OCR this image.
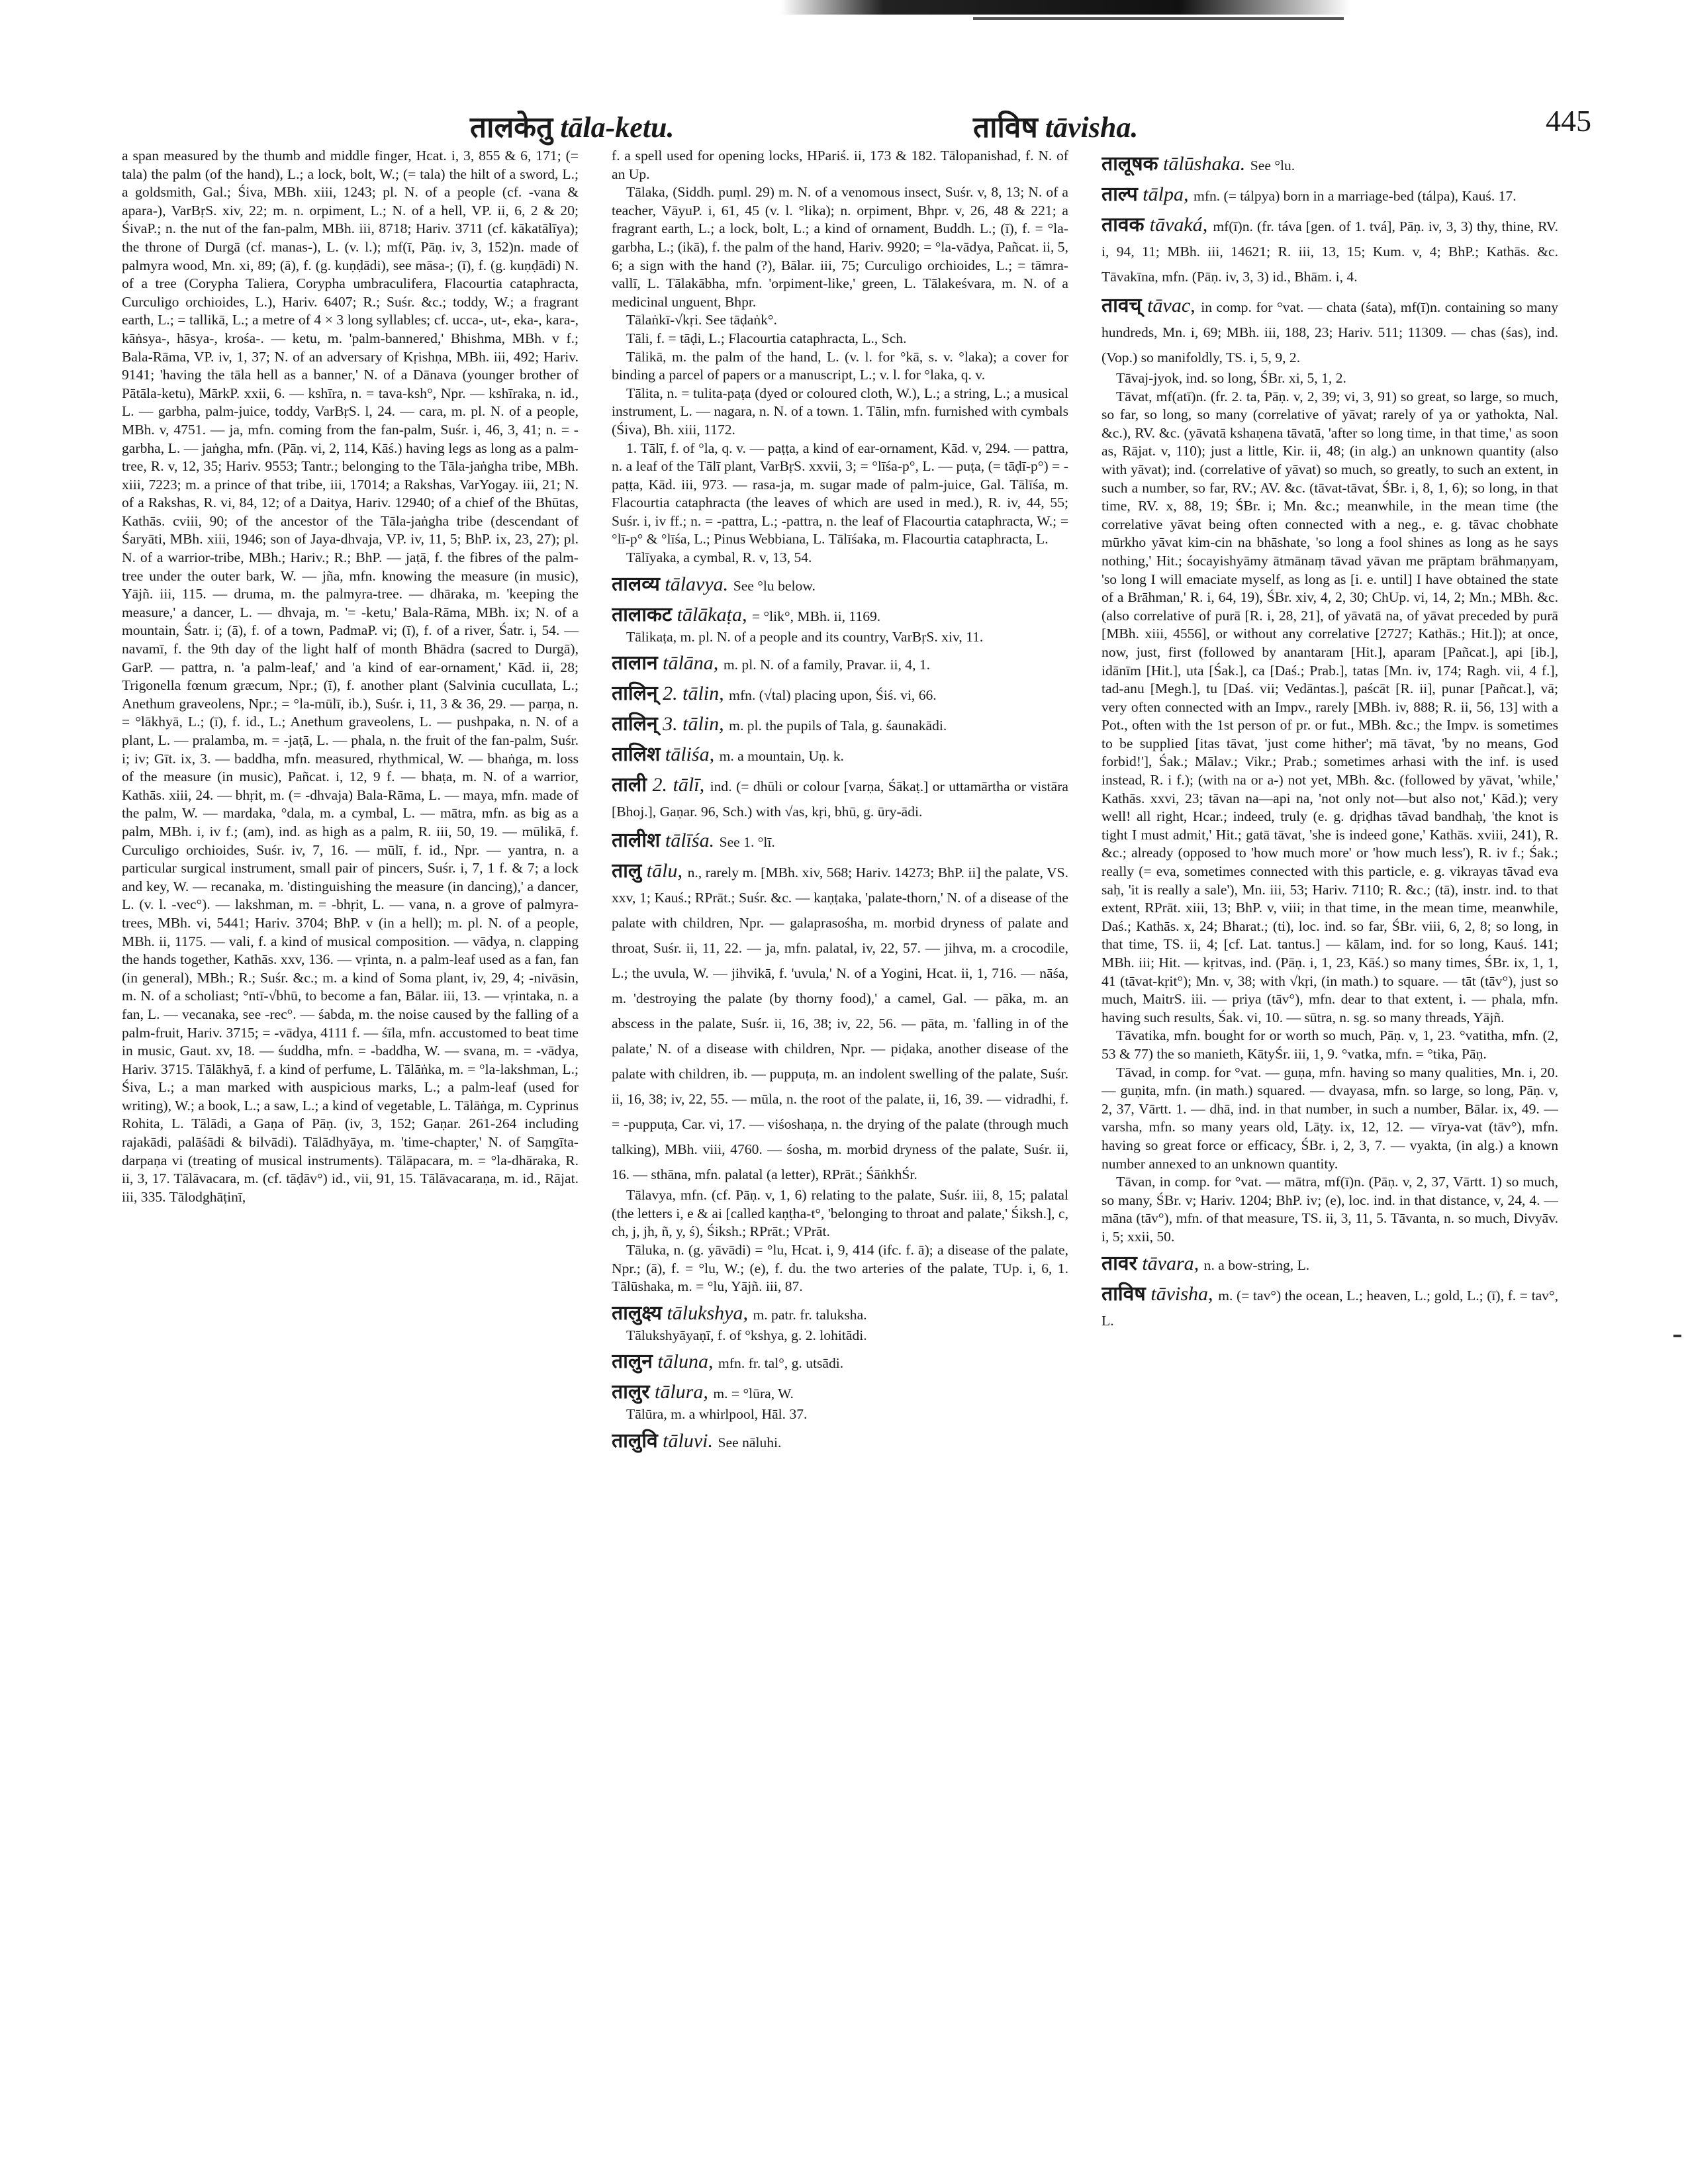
तालकेतु tāla-ketu.	ताविष tāvisha.	445

a span measured by the thumb and middle finger, Hcat. i, 3, 855 & 6, 171; (= tala) the palm (of the hand), L.; a lock, bolt, W.; (= tala) the hilt of a sword, L.; a goldsmith, Gal.; Śiva, MBh. xiii, 1243; pl. N. of a people (cf. -vana & apara-), VarBṛS. xiv, 22; m. n. orpiment, L.; N. of a hell, VP. ii, 6, 2 & 20; ŚivaP.; n. the nut of the fan-palm, MBh. iii, 8718; Hariv. 3711 (cf. kākatālīya); the throne of Durgā (cf. manas-), L. (v. l.); mf(ī, Pāṇ. iv, 3, 152)n. made of palmyra wood, Mn. xi, 89; (ā), f. (g. kuṇḍādi), see māsa-; (ī), f. (g. kuṇḍādi) N. of a tree (Corypha Taliera, Corypha umbraculifera, Flacourtia cataphracta, Curculigo orchioides, L.), Hariv. 6407; R.; Suśr. &c.; toddy, W.; a fragrant earth, L.; = tallikā, L.; a metre of 4 × 3 long syllables; cf. ucca-, ut-, eka-, kara-, kāṅsya-, hāsya-, krośa-. — ketu, m. 'palm-bannered,' Bhishma, MBh. v f.; Bala-Rāma, VP. iv, 1, 37; N. of an adversary of Kṛishṇa, MBh. iii, 492; Hariv. 9141; 'having the tāla hell as a banner,' N. of a Dānava (younger brother of Pātāla-ketu), MārkP. xxii, 6. — kshīra, n. = tava-ksh°, Npr. — kshīraka, n. id., L. — garbha, palm-juice, toddy, VarBṛS. l, 24. — cara, m. pl. N. of a people, MBh. v, 4751. — ja, mfn. coming from the fan-palm, Suśr. i, 46, 3, 41; n. = -garbha, L. — jaṅgha, mfn. (Pāṇ. vi, 2, 114, Kāś.) having legs as long as a palm-tree, R. v, 12, 35; Hariv. 9553; Tantr.; belonging to the Tāla-jaṅgha tribe, MBh. xiii, 7223; m. a prince of that tribe, iii, 17014; a Rakshas, VarYogay. iii, 21; N. of a Rakshas, R. vi, 84, 12; of a Daitya, Hariv. 12940; of a chief of the Bhūtas, Kathās. cviii, 90; of the ancestor of the Tāla-jaṅgha tribe (descendant of Śaryāti, MBh. xiii, 1946; son of Jaya-dhvaja, VP. iv, 11, 5; BhP. ix, 23, 27); pl. N. of a warrior-tribe, MBh.; Hariv.; R.; BhP. — jaṭā, f. the fibres of the palm-tree under the outer bark, W. — jña, mfn. knowing the measure (in music), Yājñ. iii, 115. — druma, m. the palmyra-tree. — dhāraka, m. 'keeping the measure,' a dancer, L. — dhvaja, m. '= -ketu,' Bala-Rāma, MBh. ix; N. of a mountain, Śatr. i; (ā), f. of a town, PadmaP. vi; (ī), f. of a river, Śatr. i, 54. — navamī, f. the 9th day of the light half of month Bhādra (sacred to Durgā), GarP. — pattra, n. 'a palm-leaf,' and 'a kind of ear-ornament,' Kād. ii, 28; Trigonella fœnum græcum, Npr.; (ī), f. another plant (Salvinia cucullata, L.; Anethum graveolens, Npr.; = °la-mūlī, ib.), Suśr. i, 11, 3 & 36, 29. — parṇa, n. = °lākhyā, L.; (ī), f. id., L.; Anethum graveolens, L. — pushpaka, n. N. of a plant, L. — pralamba, m. = -jaṭā, L. — phala, n. the fruit of the fan-palm, Suśr. i; iv; Gīt. ix, 3. — baddha, mfn. measured, rhythmical, W. — bhaṅga, m. loss of the measure (in music), Pañcat. i, 12, 9 f. — bhaṭa, m. N. of a warrior, Kathās. xiii, 24. — bhṛit, m. (= -dhvaja) Bala-Rāma, L. — maya, mfn. made of the palm, W. — mardaka, °dala, m. a cymbal, L. — mātra, mfn. as big as a palm, MBh. i, iv f.; (am), ind. as high as a palm, R. iii, 50, 19. — mūlikā, f. Curculigo orchioides, Suśr. iv, 7, 16. — mūlī, f. id., Npr. — yantra, n. a particular surgical instrument, small pair of pincers, Suśr. i, 7, 1 f. & 7; a lock and key, W. — recanaka, m. 'distinguishing the measure (in dancing),' a dancer, L. (v. l. -vec°). — lakshman, m. = -bhṛit, L. — vana, n. a grove of palmyra-trees, MBh. vi, 5441; Hariv. 3704; BhP. v (in a hell); m. pl. N. of a people, MBh. ii, 1175. — vali, f. a kind of musical composition. — vādya, n. clapping the hands together, Kathās. xxv, 136. — vṛinta, n. a palm-leaf used as a fan, fan (in general), MBh.; R.; Suśr. &c.; m. a kind of Soma plant, iv, 29, 4; -nivāsin, m. N. of a scholiast; °ntī-√bhū, to become a fan, Bālar. iii, 13. — vṛintaka, n. a fan, L. — vecanaka, see -rec°. — śabda, m. the noise caused by the falling of a palm-fruit, Hariv. 3715; = -vādya, 4111 f. — śīla, mfn. accustomed to beat time in music, Gaut. xv, 18. — śuddha, mfn. = -baddha, W. — svana, m. = -vādya, Hariv. 3715. Tālākhyā, f. a kind of perfume, L. Tālāṅka, m. = °la-lakshman, L.; Śiva, L.; a man marked with auspicious marks, L.; a palm-leaf (used for writing), W.; a book, L.; a saw, L.; a kind of vegetable, L. Tālāṅga, m. Cyprinus Rohita, L. Tālādi, a Gaṇa of Pāṇ. (iv, 3, 152; Gaṇar. 261-264 including rajakādi, palāśādi & bilvādi). Tālādhyāya, m. 'time-chapter,' N. of Saṃgīta-darpaṇa vi (treating of musical instruments). Tālāpacara, m. = °la-dhāraka, R. ii, 3, 17. Tālāvacara, m. (cf. tāḍāv°) id., vii, 91, 15. Tālāvacaraṇa, m. id., Rājat. iii, 335. Tālodghāṭinī,

f. a spell used for opening locks, HPariś. ii, 173 & 182. Tālopanishad, f. N. of an Up.

Tālaka, (Siddh. puṃl. 29) m. N. of a venomous insect, Suśr. v, 8, 13; N. of a teacher, VāyuP. i, 61, 45 (v. l. °lika); n. orpiment, Bhpr. v, 26, 48 & 221; a fragrant earth, L.; a lock, bolt, L.; a kind of ornament, Buddh. L.; (ī), f. = °la-garbha, L.; (ikā), f. the palm of the hand, Hariv. 9920; = °la-vādya, Pañcat. ii, 5, 6; a sign with the hand (?), Bālar. iii, 75; Curculigo orchioides, L.; = tāmra-vallī, L. Tālakābha, mfn. 'orpiment-like,' green, L. Tālakeśvara, m. N. of a medicinal unguent, Bhpr.

Tālaṅkī-√kṛi. See tāḍaṅk°.

Tāli, f. = tāḍi, L.; Flacourtia cataphracta, L., Sch.

Tālikā, m. the palm of the hand, L. (v. l. for °kā, s. v. °laka); a cover for binding a parcel of papers or a manuscript, L.; v. l. for °laka, q. v.

Tālita, n. = tulita-paṭa (dyed or coloured cloth, W.), L.; a string, L.; a musical instrument, L. — nagara, n. N. of a town. 1. Tālin, mfn. furnished with cymbals (Śiva), Bh. xiii, 1172.

1. Tālī, f. of °la, q. v. — paṭṭa, a kind of ear-ornament, Kād. v, 294. — pattra, n. a leaf of the Tālī plant, VarBṛS. xxvii, 3; = °līśa-p°, L. — puṭa, (= tāḍī-p°) = -paṭṭa, Kād. iii, 973. — rasa-ja, m. sugar made of palm-juice, Gal. Tālīśa, m. Flacourtia cataphracta (the leaves of which are used in med.), R. iv, 44, 55; Suśr. i, iv ff.; n. = -pattra, L.; -pattra, n. the leaf of Flacourtia cataphracta, W.; = °lī-p° & °līśa, L.; Pinus Webbiana, L. Tālīśaka, m. Flacourtia cataphracta, L.

Tālīyaka, a cymbal, R. v, 13, 54.

तालव्य tālavya. See °lu below.

तालाकट tālākaṭa, = °lik°, MBh. ii, 1169.

Tālikaṭa, m. pl. N. of a people and its country, VarBṛS. xiv, 11.

तालान tālāna, m. pl. N. of a family, Pravar. ii, 4, 1.

तालिन् 2. tālin, mfn. (√tal) placing upon, Śiś. vi, 66.

तालिन् 3. tālin, m. pl. the pupils of Tala, g. śaunakādi.

तालिश tāliśa, m. a mountain, Uṇ. k.

ताली 2. tālī, ind. (= dhūli or colour [varṇa, Śākaṭ.] or uttamārtha or vistāra [Bhoj.], Gaṇar. 96, Sch.) with √as, kṛi, bhū, g. ūry-ādi.

तालीश tālīśa. See 1. °lī.

तालु tālu, n., rarely m. [MBh. xiv, 568; Hariv. 14273; BhP. ii] the palate, VS. xxv, 1; Kauś.; RPrāt.; Suśr. &c. — kaṇṭaka, 'palate-thorn,' N. of a disease of the palate with children, Npr. — galaprasośha, m. morbid dryness of palate and throat, Suśr. ii, 11, 22. — ja, mfn. palatal, iv, 22, 57. — jihva, m. a crocodile, L.; the uvula, W. — jihvikā, f. 'uvula,' N. of a Yogini, Hcat. ii, 1, 716. — nāśa, m. 'destroying the palate (by thorny food),' a camel, Gal. — pāka, m. an abscess in the palate, Suśr. ii, 16, 38; iv, 22, 56. — pāta, m. 'falling in of the palate,' N. of a disease with children, Npr. — piḍaka, another disease of the palate with children, ib. — puppuṭa, m. an indolent swelling of the palate, Suśr. ii, 16, 38; iv, 22, 55. — mūla, n. the root of the palate, ii, 16, 39. — vidradhi, f. = -puppuṭa, Car. vi, 17. — viśoshaṇa, n. the drying of the palate (through much talking), MBh. viii, 4760. — śosha, m. morbid dryness of the palate, Suśr. ii, 16. — sthāna, mfn. palatal (a letter), RPrāt.; ŚāṅkhŚr.

Tālavya, mfn. (cf. Pāṇ. v, 1, 6) relating to the palate, Suśr. iii, 8, 15; palatal (the letters i, e & ai [called kaṇṭha-t°, 'belonging to throat and palate,' Śiksh.], c, ch, j, jh, ñ, y, ś), Śiksh.; RPrāt.; VPrāt.

Tāluka, n. (g. yāvādi) = °lu, Hcat. i, 9, 414 (ifc. f. ā); a disease of the palate, Npr.; (ā), f. = °lu, W.; (e), f. du. the two arteries of the palate, TUp. i, 6, 1. Tālūshaka, m. = °lu, Yājñ. iii, 87.

तालुक्ष्य tālukshya, m. patr. fr. taluksha.

Tālukshyāyaṇī, f. of °kshya, g. 2. lohitādi.

तालुन tāluna, mfn. fr. tal°, g. utsādi.

तालुर tālura, m. = °lūra, W.

Tālūra, m. a whirlpool, Hāl. 37.

तालुवि tāluvi. See nāluhi.

तालूषक tālūshaka. See °lu.

ताल्प tālpa, mfn. (= tálpya) born in a marriage-bed (tálpa), Kauś. 17.

तावक tāvaká, mf(ī)n. (fr. táva [gen. of 1. tvá], Pāṇ. iv, 3, 3) thy, thine, RV. i, 94, 11; MBh. iii, 14621; R. iii, 13, 15; Kum. v, 4; BhP.; Kathās. &c. Tāvakīna, mfn. (Pāṇ. iv, 3, 3) id., Bhām. i, 4.

तावच् tāvac, in comp. for °vat. — chata (śata), mf(ī)n. containing so many hundreds, Mn. i, 69; MBh. iii, 188, 23; Hariv. 511; 11309. — chas (śas), ind. (Vop.) so manifoldly, TS. i, 5, 9, 2.

Tāvaj-jyok, ind. so long, ŚBr. xi, 5, 1, 2.

Tāvat, mf(atī)n. (fr. 2. ta, Pāṇ. v, 2, 39; vi, 3, 91) so great, so large, so much, so far, so long, so many (correlative of yāvat; rarely of ya or yathokta, Nal. &c.), RV. &c. (yāvatā kshaṇena tāvatā, 'after so long time, in that time,' as soon as, Rājat. v, 110); just a little, Kir. ii, 48; (in alg.) an unknown quantity (also with yāvat); ind. (correlative of yāvat) so much, so greatly, to such an extent, in such a number, so far, RV.; AV. &c. (tāvat-tāvat, ŚBr. i, 8, 1, 6); so long, in that time, RV. x, 88, 19; ŚBr. i; Mn. &c.; meanwhile, in the mean time (the correlative yāvat being often connected with a neg., e. g. tāvac chobhate mūrkho yāvat kim-cin na bhāshate, 'so long a fool shines as long as he says nothing,' Hit.; śocayishyāmy ātmānaṃ tāvad yāvan me prāptam brāhmaṇyam, 'so long I will emaciate myself, as long as [i. e. until] I have obtained the state of a Brāhman,' R. i, 64, 19), ŚBr. xiv, 4, 2, 30; ChUp. vi, 14, 2; Mn.; MBh. &c. (also correlative of purā [R. i, 28, 21], of yāvatā na, of yāvat preceded by purā [MBh. xiii, 4556], or without any correlative [2727; Kathās.; Hit.]); at once, now, just, first (followed by anantaram [Hit.], aparam [Pañcat.], api [ib.], idānīm [Hit.], uta [Śak.], ca [Daś.; Prab.], tatas [Mn. iv, 174; Ragh. vii, 4 f.], tad-anu [Megh.], tu [Daś. vii; Vedāntas.], paścāt [R. ii], punar [Pañcat.], vā; very often connected with an Impv., rarely [MBh. iv, 888; R. ii, 56, 13] with a Pot., often with the 1st person of pr. or fut., MBh. &c.; the Impv. is sometimes to be supplied [itas tāvat, 'just come hither'; mā tāvat, 'by no means, God forbid!'], Śak.; Mālav.; Vikr.; Prab.; sometimes arhasi with the inf. is used instead, R. i f.); (with na or a-) not yet, MBh. &c. (followed by yāvat, 'while,' Kathās. xxvi, 23; tāvan na—api na, 'not only not—but also not,' Kād.); very well! all right, Hcar.; indeed, truly (e. g. dṛiḍhas tāvad bandhaḥ, 'the knot is tight I must admit,' Hit.; gatā tāvat, 'she is indeed gone,' Kathās. xviii, 241), R. &c.; already (opposed to 'how much more' or 'how much less'), R. iv f.; Śak.; really (= eva, sometimes connected with this particle, e. g. vikrayas tāvad eva saḥ, 'it is really a sale'), Mn. iii, 53; Hariv. 7110; R. &c.; (tā), instr. ind. to that extent, RPrāt. xiii, 13; BhP. v, viii; in that time, in the mean time, meanwhile, Daś.; Kathās. x, 24; Bharat.; (ti), loc. ind. so far, ŚBr. viii, 6, 2, 8; so long, in that time, TS. ii, 4; [cf. Lat. tantus.] — kālam, ind. for so long, Kauś. 141; MBh. iii; Hit. — kṛitvas, ind. (Pāṇ. i, 1, 23, Kāś.) so many times, ŚBr. ix, 1, 1, 41 (tāvat-kṛit°); Mn. v, 38; with √kṛi, (in math.) to square. — tāt (tāv°), just so much, MaitrS. iii. — priya (tāv°), mfn. dear to that extent, i. — phala, mfn. having such results, Śak. vi, 10. — sūtra, n. sg. so many threads, Yājñ.

Tāvatika, mfn. bought for or worth so much, Pāṇ. v, 1, 23. °vatitha, mfn. (2, 53 & 77) the so manieth, KātyŚr. iii, 1, 9. °vatka, mfn. = °tika, Pāṇ.

Tāvad, in comp. for °vat. — guṇa, mfn. having so many qualities, Mn. i, 20. — guṇita, mfn. (in math.) squared. — dvayasa, mfn. so large, so long, Pāṇ. v, 2, 37, Vārtt. 1. — dhā, ind. in that number, in such a number, Bālar. ix, 49. — varsha, mfn. so many years old, Lāṭy. ix, 12, 12. — vīrya-vat (tāv°), mfn. having so great force or efficacy, ŚBr. i, 2, 3, 7. — vyakta, (in alg.) a known number annexed to an unknown quantity.

Tāvan, in comp. for °vat. — mātra, mf(ī)n. (Pāṇ. v, 2, 37, Vārtt. 1) so much, so many, ŚBr. v; Hariv. 1204; BhP. iv; (e), loc. ind. in that distance, v, 24, 4. — māna (tāv°), mfn. of that measure, TS. ii, 3, 11, 5. Tāvanta, n. so much, Divyāv. i, 5; xxii, 50.

तावर tāvara, n. a bow-string, L.

ताविष tāvisha, m. (= tav°) the ocean, L.; heaven, L.; gold, L.; (ī), f. = tav°, L.
